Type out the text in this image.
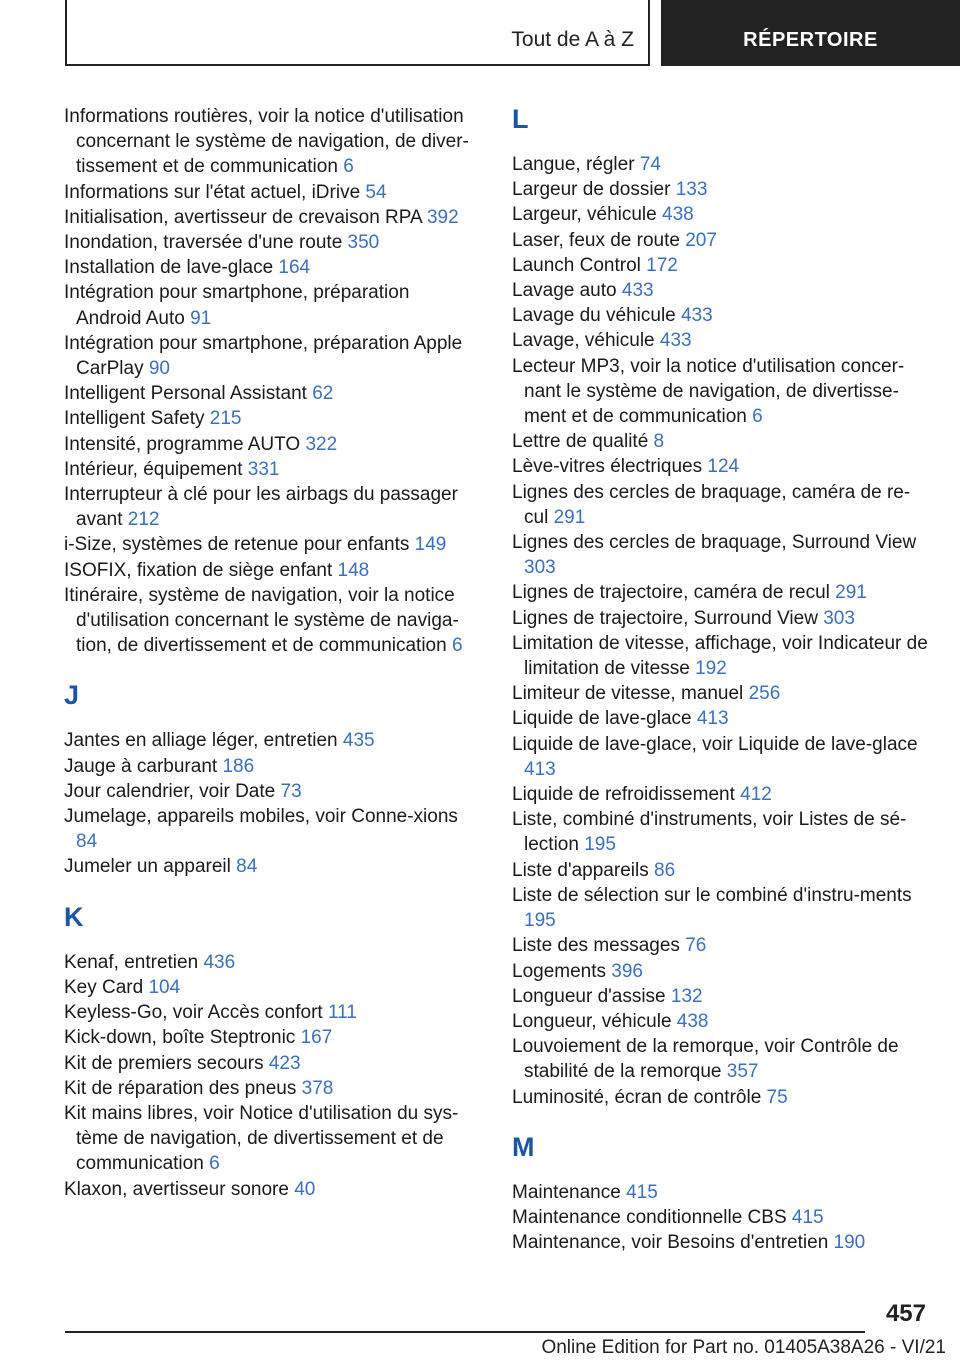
Tout de A à Z	RÉPERTOIRE
Informations routières, voir la notice d'utilisation concernant le système de navigation, de diver-tissement et de communication 6
Informations sur l'état actuel, iDrive 54
Initialisation, avertisseur de crevaison RPA 392
Inondation, traversée d'une route 350
Installation de lave-glace 164
Intégration pour smartphone, préparation Android Auto 91
Intégration pour smartphone, préparation Apple CarPlay 90
Intelligent Personal Assistant 62
Intelligent Safety 215
Intensité, programme AUTO 322
Intérieur, équipement 331
Interrupteur à clé pour les airbags du passager avant 212
i-Size, systèmes de retenue pour enfants 149
ISOFIX, fixation de siège enfant 148
Itinéraire, système de navigation, voir la notice d'utilisation concernant le système de naviga-tion, de divertissement et de communication 6
J
Jantes en alliage léger, entretien 435
Jauge à carburant 186
Jour calendrier, voir Date 73
Jumelage, appareils mobiles, voir Conne-xions 84
Jumeler un appareil 84
K
Kenaf, entretien 436
Key Card 104
Keyless-Go, voir Accès confort 111
Kick-down, boîte Steptronic 167
Kit de premiers secours 423
Kit de réparation des pneus 378
Kit mains libres, voir Notice d'utilisation du sys-tème de navigation, de divertissement et de communication 6
Klaxon, avertisseur sonore 40
L
Langue, régler 74
Largeur de dossier 133
Largeur, véhicule 438
Laser, feux de route 207
Launch Control 172
Lavage auto 433
Lavage du véhicule 433
Lavage, véhicule 433
Lecteur MP3, voir la notice d'utilisation concer-nant le système de navigation, de divertisse-ment et de communication 6
Lettre de qualité 8
Lève-vitres électriques 124
Lignes des cercles de braquage, caméra de re-cul 291
Lignes des cercles de braquage, Surround View 303
Lignes de trajectoire, caméra de recul 291
Lignes de trajectoire, Surround View 303
Limitation de vitesse, affichage, voir Indicateur de limitation de vitesse 192
Limiteur de vitesse, manuel 256
Liquide de lave-glace 413
Liquide de lave-glace, voir Liquide de lave-glace 413
Liquide de refroidissement 412
Liste, combiné d'instruments, voir Listes de sé-lection 195
Liste d'appareils 86
Liste de sélection sur le combiné d'instru-ments 195
Liste des messages 76
Logements 396
Longueur d'assise 132
Longueur, véhicule 438
Louvoiement de la remorque, voir Contrôle de stabilité de la remorque 357
Luminosité, écran de contrôle 75
M
Maintenance 415
Maintenance conditionnelle CBS 415
Maintenance, voir Besoins d'entretien 190
457
Online Edition for Part no. 01405A38A26 - VI/21
